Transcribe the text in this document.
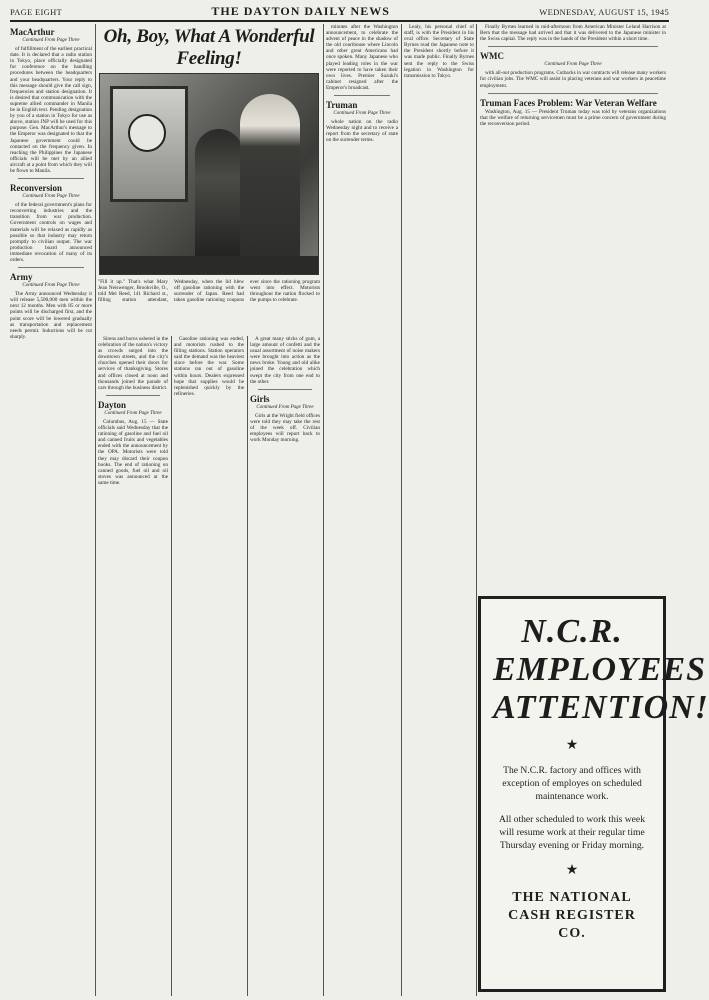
PAGE EIGHT	THE DAYTON DAILY NEWS	WEDNESDAY, AUGUST 15, 1945
MacArthur
Continued From Page Three

of fulfillment of the earliest practical date. It is declared that a radio station in Tokyo, place officially designated for conference on the handling procedures between the headquarters and your headquarters. Your reply to this message should give the call sign, frequencies and station designation. It is desired that communication with the supreme allied commander in Manila be in English text. Pending designation by you of a station in Tokyo for use as above, station JNP will be used for this purpose. Gen. MacArthur's message to the Emperor was designated to that the Japanese government could be contacted on the frequency given. In reaching the Philippines the Japanese officials will be met by an allied aircraft at a point from which they will be flown to Manila.

Reconversion
Continued From Page Three

of the federal government's plans for reconverting industries and the transition from war production. Government controls on wages and materials will be relaxed as rapidly as possible so that industry may return promptly to civilian output. The war production board announced immediate revocation of many of its orders.

Army
Continued From Page Three

The Army announced Wednesday it will release 5,500,000 men within the next 12 months. Men with 85 or more points will be discharged first, and the point score will be lowered gradually as transportation and replacement needs permit. Inductions will be cut sharply.

Oh, Boy, What A Wonderful Feeling!
"Fill it up." That's what Mary Jean Neiswenger, Brookville, O., told Mel Reed, 141 Richard st., filling station attendant, Wednesday, when the lid blew off gasoline rationing with the surrender of Japan. Reed had taken gasoline rationing coupons ever since the rationing program went into effect. Motorists throughout the nation flocked to the pumps to celebrate.

Sirens and horns ushered in the celebration of the nation's victory as crowds surged into the downtown streets, and the city's churches opened their doors for services of thanksgiving. Stores and offices closed at noon and thousands joined the parade of cars through the business district.

Dayton
Continued From Page Three

Columbus, Aug. 15 — State officials said Wednesday that the rationing of gasoline and fuel oil and canned fruits and vegetables ended with the announcement by the OPA. Motorists were told they may discard their coupon books. The end of rationing on canned goods, fuel oil and oil stoves was announced at the same time.

Gasoline rationing was ended, and motorists rushed to the filling stations. Station operators said the demand was the heaviest since before the war. Some stations ran out of gasoline within hours. Dealers expressed hope that supplies would be replenished quickly by the refineries.

A great many sticks of gum, a large amount of confetti and the usual assortment of noise makers were brought into action as the news broke. Young and old alike joined the celebration which swept the city from one end to the other.

Girls
Continued From Page Three

Girls at the Wright field offices were told they may take the rest of the week off. Civilian employees will report back to work Monday morning.

minutes after the Washington announcement, to celebrate the advent of peace in the shadow of the old courthouse where Lincoln and other great Americans had once spoken. Many Japanese who played leading roles in the war were reported to have taken their own lives. Premier Suzuki's cabinet resigned after the Emperor's broadcast.

Truman
Continued From Page Three

whole nation on the radio Wednesday night and to receive a report from the secretary of state on the surrender terms.

Lealy, his personal chief of staff, is with the President in his oval office. Secretary of State Byrnes read the Japanese note to the President shortly before it was made public. Finally Byrnes sent the reply to the Swiss legation in Washington for transmission to Tokyo.

Finally Byrnes learned in mid-afternoon from American Minister Leland Harrison at Bern that the message had arrived and that it was delivered to the Japanese minister in the Swiss capital. The reply was in the hands of the President within a short time.

WMC
Continued From Page Three

with all-out production programs. Cutbacks in war contracts will release many workers for civilian jobs. The WMC will assist in placing veterans and war workers in peacetime employment.

Truman Faces Problem: War Veteran Welfare

Washington, Aug. 15 — President Truman today was told by veterans organizations that the welfare of returning servicemen must be a prime concern of government during the reconversion period.

N.C.R. EMPLOYEES ATTENTION!
★
The N.C.R. factory and offices with exception of employes on scheduled maintenance work.
All other scheduled to work this week will resume work at their regular time Thursday evening or Friday morning.
★
THE NATIONAL CASH REGISTER CO.
